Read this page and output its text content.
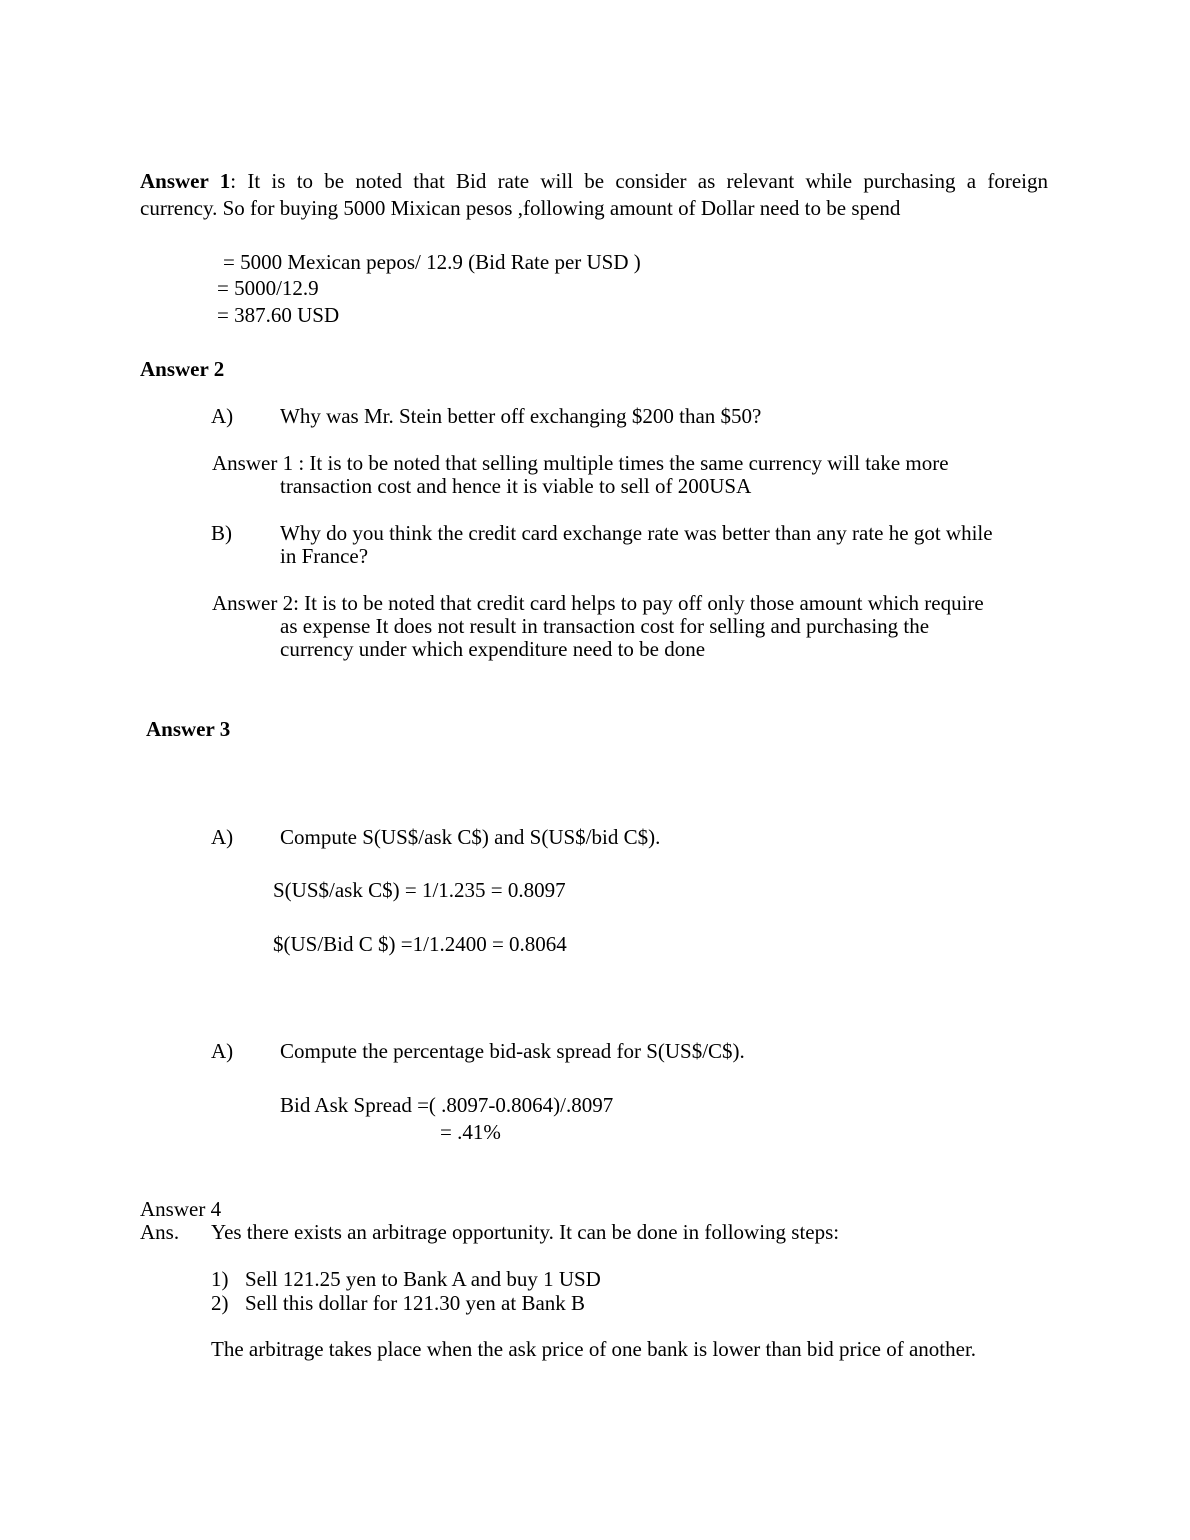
Answer 1: It is to be noted that Bid rate will be consider as relevant while purchasing a foreign
currency. So for buying 5000 Mixican pesos ,following amount of Dollar need to be spend
= 5000 Mexican pepos/ 12.9 (Bid Rate per USD )
= 5000/12.9
= 387.60 USD
Answer 2
A) Why was Mr. Stein better off exchanging $200 than $50?
Answer 1 : It is to be noted that selling multiple times the same currency will take more
transaction cost and hence it is viable to sell of 200USA
B) Why do you think the credit card exchange rate was better than any rate he got while
in France?
Answer 2: It is to be noted that credit card helps to pay off only those amount which require
as expense It does not result in transaction cost for selling and purchasing the
currency under which expenditure need to be done
Answer 3
A) Compute S(US$/ask C$) and S(US$/bid C$).
S(US$/ask C$) = 1/1.235 = 0.8097
$(US/Bid C $) =1/1.2400 = 0.8064
A) Compute the percentage bid-ask spread for S(US$/C$).
Bid Ask Spread =( .8097-0.8064)/.8097
= .41%
Answer 4
Ans. Yes there exists an arbitrage opportunity. It can be done in following steps:
1) Sell 121.25 yen to Bank A and buy 1 USD
2) Sell this dollar for 121.30 yen at Bank B
The arbitrage takes place when the ask price of one bank is lower than bid price of another.
